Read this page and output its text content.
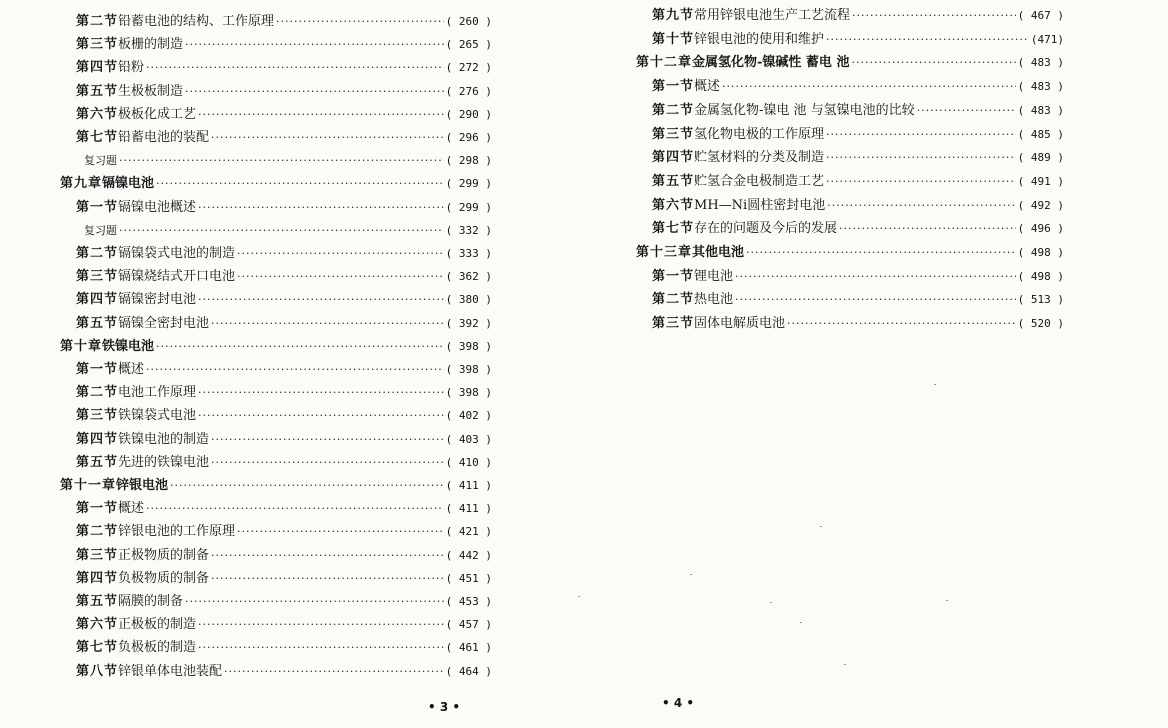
第二节 铅蓄电池的结构、工作原理 ·····	( 260 )
第三节 板栅的制造 ·····	( 265 )
第四节 铅粉 ·····	( 272 )
第五节 生极板制造 ·····	( 276 )
第六节 极板化成工艺 ·····	( 290 )
第七节 铅蓄电池的装配 ·····	( 296 )
复习题 ·····	( 298 )
第九章 镉镍电池 ·····	( 299 )
第一节 镉镍电池概述 ·····	( 299 )
复习题 ·····	( 332 )
第二节 镉镍袋式电池的制造 ·····	( 333 )
第三节 镉镍烧结式开口电池 ·····	( 362 )
第四节 镉镍密封电池 ·····	( 380 )
第五节 镉镍全密封电池 ·····	( 392 )
第十章 铁镍电池 ·····	( 398 )
第一节 概述 ·····	( 398 )
第二节 电池工作原理 ·····	( 398 )
第三节 铁镍袋式电池 ·····	( 402 )
第四节 铁镍电池的制造 ·····	( 403 )
第五节 先进的铁镍电池 ·····	( 410 )
第十一章 锌银电池 ·····	( 411 )
第一节 概述 ·····	( 411 )
第二节 锌银电池的工作原理 ·····	( 421 )
第三节 正极物质的制备 ·····	( 442 )
第四节 负极物质的制备 ·····	( 451 )
第五节 隔膜的制备 ·····	( 453 )
第六节 正极板的制造 ·····	( 457 )
第七节 负极板的制造 ·····	( 461 )
第八节 锌银单体电池装配 ·····	( 464 )
第九节 常用锌银电池生产工艺流程 ·····	( 467 )
第十节 锌银电池的使用和维护 ·····	(471)
第十二章 金属氢化物-镍碱性 蓄电 池 ·····	( 483 )
第一节 概述 ·····	( 483 )
第二节 金属氢化物-镍电 池 与氢镍电池的比较 ·····	( 483 )
第三节 氢化物电极的工作原理 ·····	( 485 )
第四节 贮氢材料的分类及制造 ·····	( 489 )
第五节 贮氢合金电极制造工艺 ·····	( 491 )
第六节 MH—Ni圆柱密封电池 ·····	( 492 )
第七节 存在的问题及今后的发展 ·····	( 496 )
第十三章 其他电池 ·····	( 498 )
第一节 锂电池 ·····	( 498 )
第二节 热电池 ·····	( 513 )
第三节 固体电解质电池 ·····	( 520 )
• 3 •	• 4 •
